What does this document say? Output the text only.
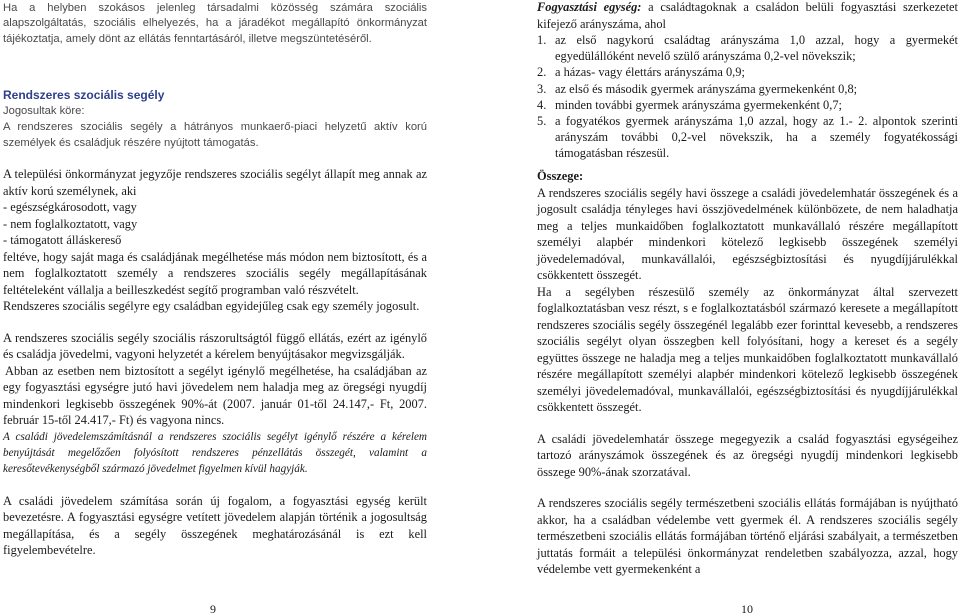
Ha a helyben szokásos jelenleg társadalmi közösség számára szociális alapszolgáltatás, szociális elhelyezés, ha a járadékot megállapító önkormányzat tájékoztatja, amely dönt az ellátás fenntartásáról, illetve megszüntetéséről.

Rendszeres szociális segély
Jogosultak köre:

A rendszeres szociális segély a hátrányos munkaerő-piaci helyzetű aktív korú személyek és családjuk részére nyújtott támogatás.

A települési önkormányzat jegyzője rendszeres szociális segélyt állapít meg annak az aktív korú személynek, aki

- egészségkárosodott, vagy
- nem foglalkoztatott, vagy
- támogatott álláskereső

feltéve, hogy saját maga és családjának megélhetése más módon nem biztosított, és a nem foglalkoztatott személy a rendszeres szociális segély megállapításának feltételeként vállalja a beilleszkedést segítő programban való részvételt.

Rendszeres szociális segélyre egy családban egyidejűleg csak egy személy jogosult.

A rendszeres szociális segély szociális rászorultságtól függő ellátás, ezért az igénylő és családja jövedelmi, vagyoni helyzetét a kérelem benyújtásakor megvizsgálják.

Abban az esetben nem biztosított a segélyt igénylő megélhetése, ha családjában az egy fogyasztási egységre jutó havi jövedelem nem haladja meg az öregségi nyugdíj mindenkori legkisebb összegének 90%-át (2007. január 01-től 24.147,- Ft, 2007. február 15-től 24.417,- Ft) és vagyona nincs.

A családi jövedelemszámításnál a rendszeres szociális segélyt igénylő részére a kérelem benyújtását megelőzően folyósított rendszeres pénzellátás összegét, valamint a keresőtevékenységből származó jövedelmet figyelmen kívül hagyják.

A családi jövedelem számítása során új fogalom, a fogyasztási egység került bevezetésre. A fogyasztási egységre vetített jövedelem alapján történik a jogosultság megállapítása, és a segély összegének meghatározásánál is ezt kell figyelembevételre.

9

Fogyasztási egység: a családtagoknak a családon belüli fogyasztási szerkezetet kifejező arányszáma, ahol

1. az első nagykorú családtag arányszáma 1,0 azzal, hogy a gyermekét egyedülállóként nevelő szülő arányszáma 0,2-vel növekszik;
2. a házas- vagy élettárs arányszáma 0,9;
3. az első és második gyermek arányszáma gyermekenként 0,8;
4. minden további gyermek arányszáma gyermekenként 0,7;
5. a fogyatékos gyermek arányszáma 1,0 azzal, hogy az 1.- 2. alpontok szerinti arányszám további 0,2-vel növekszik, ha a személy fogyatékossági támogatásban részesül.
Összege:

A rendszeres szociális segély havi összege a családi jövedelemhatár összegének és a jogosult családja tényleges havi összjövedelmének különbözete, de nem haladhatja meg a teljes munkaidőben foglalkoztatott munkavállaló részére megállapított személyi alapbér mindenkori kötelező legkisebb összegének személyi jövedelemadóval, munkavállalói, egészségbiztosítási és nyugdíjjárulékkal csökkentett összegét.

Ha a segélyben részesülő személy az önkormányzat által szervezett foglalkoztatásban vesz részt, s e foglalkoztatásból származó keresete a megállapított rendszeres szociális segély összegénél legalább ezer forinttal kevesebb, a rendszeres szociális segélyt olyan összegben kell folyósítani, hogy a kereset és a segély együttes összege ne haladja meg a teljes munkaidőben foglalkoztatott munkavállaló részére megállapított személyi alapbér mindenkori kötelező legkisebb összegének személyi jövedelemadóval, munkavállalói, egészségbiztosítási és nyugdíjjárulékkal csökkentett összegét.

A családi jövedelemhatár összege megegyezik a család fogyasztási egységeihez tartozó arányszámok összegének és az öregségi nyugdíj mindenkori legkisebb összege 90%-ának szorzatával.

A rendszeres szociális segély természetbeni szociális ellátás formájában is nyújtható akkor, ha a családban védelembe vett gyermek él. A rendszeres szociális segély természetbeni szociális ellátás formájában történő eljárási szabályait, a természetben juttatás formáit a települési önkormányzat rendeletben szabályozza, azzal, hogy védelembe vett gyermekenként a

10
